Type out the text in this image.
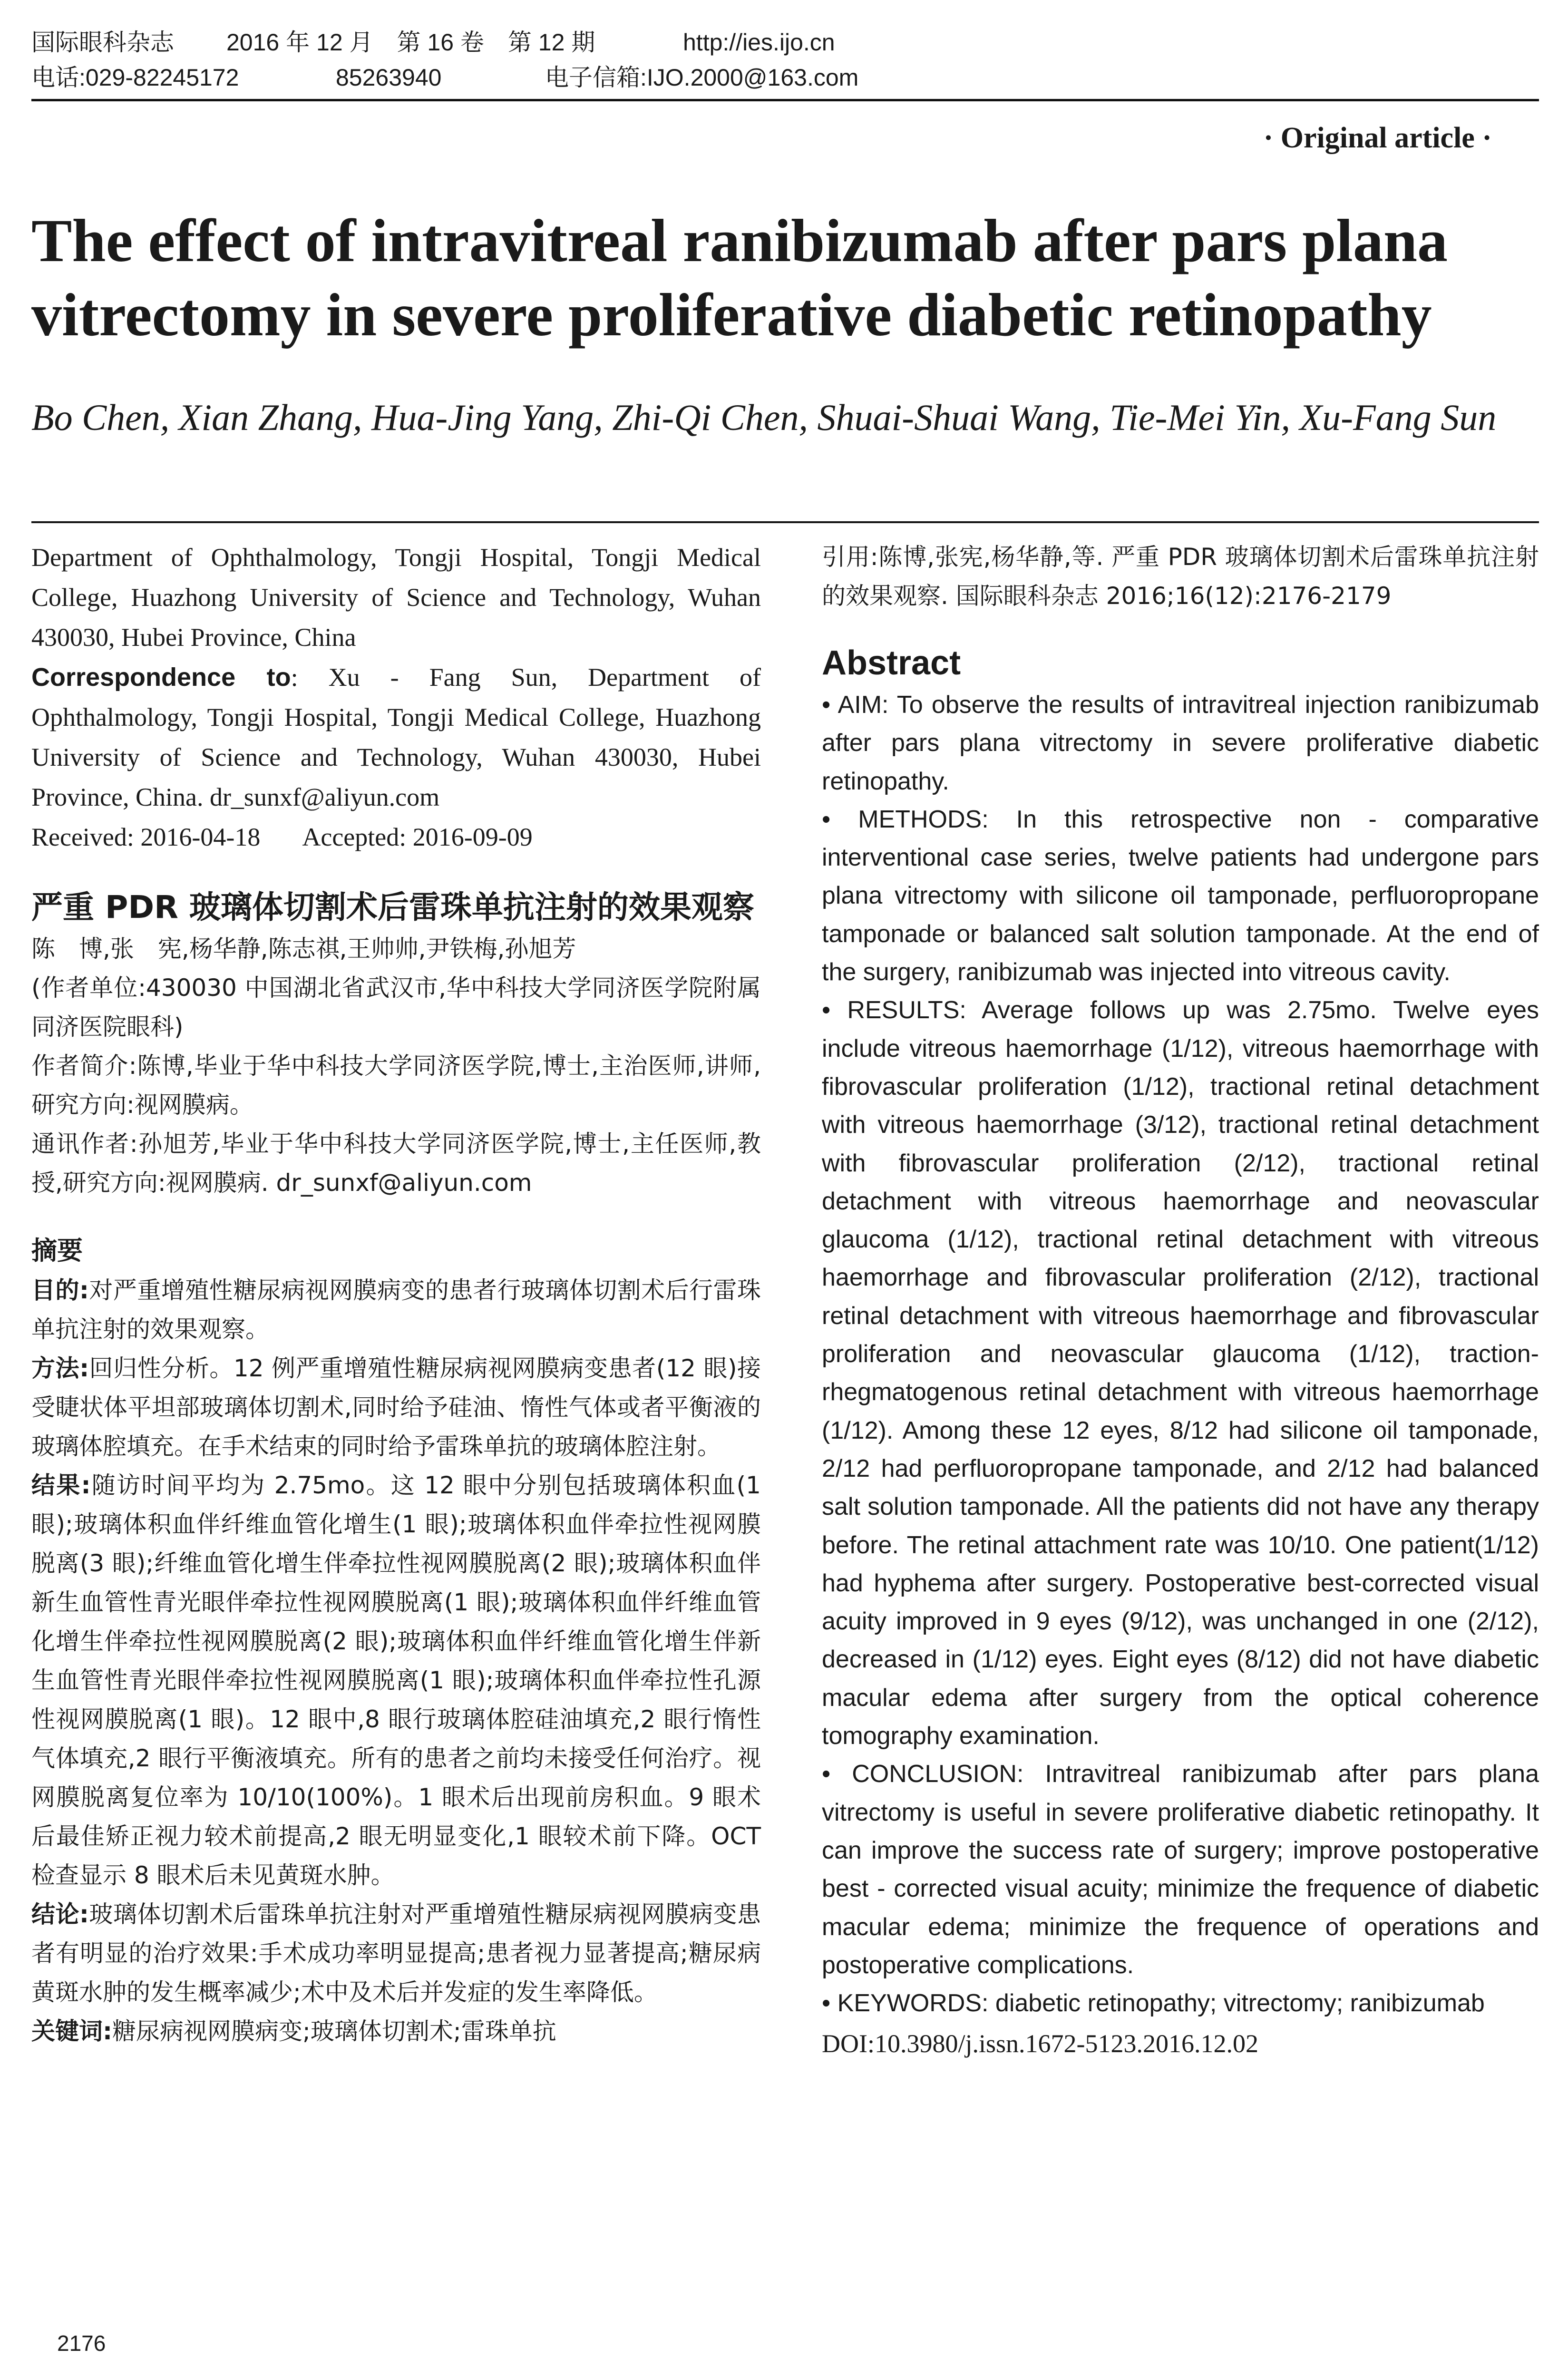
国际眼科杂志	2016 年 12 月　第 16 卷　第 12 期	http://ies.ijo.cn
电话:029-82245172	85263940	电子信箱:IJO.2000@163.com
· Original article ·
The effect of intravitreal ranibizumab after pars plana vitrectomy in severe proliferative diabetic retinopathy
Bo Chen, Xian Zhang, Hua-Jing Yang, Zhi-Qi Chen, Shuai-Shuai Wang, Tie-Mei Yin, Xu-Fang Sun

Department of Ophthalmology, Tongji Hospital, Tongji Medical College, Huazhong University of Science and Technology, Wuhan 430030, Hubei Province, China

Correspondence to: Xu - Fang Sun, Department of Ophthalmology, Tongji Hospital, Tongji Medical College, Huazhong University of Science and Technology, Wuhan 430030, Hubei Province, China. dr_sunxf@aliyun.com

Received: 2016-04-18 Accepted: 2016-09-09

严重 PDR 玻璃体切割术后雷珠单抗注射的效果观察

陈　博,张　宪,杨华静,陈志祺,王帅帅,尹铁梅,孙旭芳

(作者单位:430030 中国湖北省武汉市,华中科技大学同济医学院附属同济医院眼科)

作者简介:陈博,毕业于华中科技大学同济医学院,博士,主治医师,讲师,研究方向:视网膜病。

通讯作者:孙旭芳,毕业于华中科技大学同济医学院,博士,主任医师,教授,研究方向:视网膜病. dr_sunxf@aliyun.com

摘要

目的:对严重增殖性糖尿病视网膜病变的患者行玻璃体切割术后行雷珠单抗注射的效果观察。

方法:回归性分析。12 例严重增殖性糖尿病视网膜病变患者(12 眼)接受睫状体平坦部玻璃体切割术,同时给予硅油、惰性气体或者平衡液的玻璃体腔填充。在手术结束的同时给予雷珠单抗的玻璃体腔注射。

结果:随访时间平均为 2.75mo。这 12 眼中分别包括玻璃体积血(1 眼);玻璃体积血伴纤维血管化增生(1 眼);玻璃体积血伴牵拉性视网膜脱离(3 眼);纤维血管化增生伴牵拉性视网膜脱离(2 眼);玻璃体积血伴新生血管性青光眼伴牵拉性视网膜脱离(1 眼);玻璃体积血伴纤维血管化增生伴牵拉性视网膜脱离(2 眼);玻璃体积血伴纤维血管化增生伴新生血管性青光眼伴牵拉性视网膜脱离(1 眼);玻璃体积血伴牵拉性孔源性视网膜脱离(1 眼)。12 眼中,8 眼行玻璃体腔硅油填充,2 眼行惰性气体填充,2 眼行平衡液填充。所有的患者之前均未接受任何治疗。视网膜脱离复位率为 10/10(100%)。1 眼术后出现前房积血。9 眼术后最佳矫正视力较术前提高,2 眼无明显变化,1 眼较术前下降。OCT 检查显示 8 眼术后未见黄斑水肿。

结论:玻璃体切割术后雷珠单抗注射对严重增殖性糖尿病视网膜病变患者有明显的治疗效果:手术成功率明显提高;患者视力显著提高;糖尿病黄斑水肿的发生概率减少;术中及术后并发症的发生率降低。

关键词:糖尿病视网膜病变;玻璃体切割术;雷珠单抗

引用:陈博,张宪,杨华静,等. 严重 PDR 玻璃体切割术后雷珠单抗注射的效果观察. 国际眼科杂志 2016;16(12):2176-2179

Abstract

• AIM: To observe the results of intravitreal injection ranibizumab after pars plana vitrectomy in severe proliferative diabetic retinopathy.

• METHODS: In this retrospective non - comparative interventional case series, twelve patients had undergone pars plana vitrectomy with silicone oil tamponade, perfluoropropane tamponade or balanced salt solution tamponade. At the end of the surgery, ranibizumab was injected into vitreous cavity.

• RESULTS: Average follows up was 2.75mo. Twelve eyes include vitreous haemorrhage (1/12), vitreous haemorrhage with fibrovascular proliferation (1/12), tractional retinal detachment with vitreous haemorrhage (3/12), tractional retinal detachment with fibrovascular proliferation (2/12), tractional retinal detachment with vitreous haemorrhage and neovascular glaucoma (1/12), tractional retinal detachment with vitreous haemorrhage and fibrovascular proliferation (2/12), tractional retinal detachment with vitreous haemorrhage and fibrovascular proliferation and neovascular glaucoma (1/12), traction-rhegmatogenous retinal detachment with vitreous haemorrhage (1/12). Among these 12 eyes, 8/12 had silicone oil tamponade, 2/12 had perfluoropropane tamponade, and 2/12 had balanced salt solution tamponade. All the patients did not have any therapy before. The retinal attachment rate was 10/10. One patient(1/12) had hyphema after surgery. Postoperative best-corrected visual acuity improved in 9 eyes (9/12), was unchanged in one (2/12), decreased in (1/12) eyes. Eight eyes (8/12) did not have diabetic macular edema after surgery from the optical coherence tomography examination.

• CONCLUSION: Intravitreal ranibizumab after pars plana vitrectomy is useful in severe proliferative diabetic retinopathy. It can improve the success rate of surgery; improve postoperative best - corrected visual acuity; minimize the frequence of diabetic macular edema; minimize the frequence of operations and postoperative complications.

• KEYWORDS: diabetic retinopathy; vitrectomy; ranibizumab

DOI:10.3980/j.issn.1672-5123.2016.12.02

2176
